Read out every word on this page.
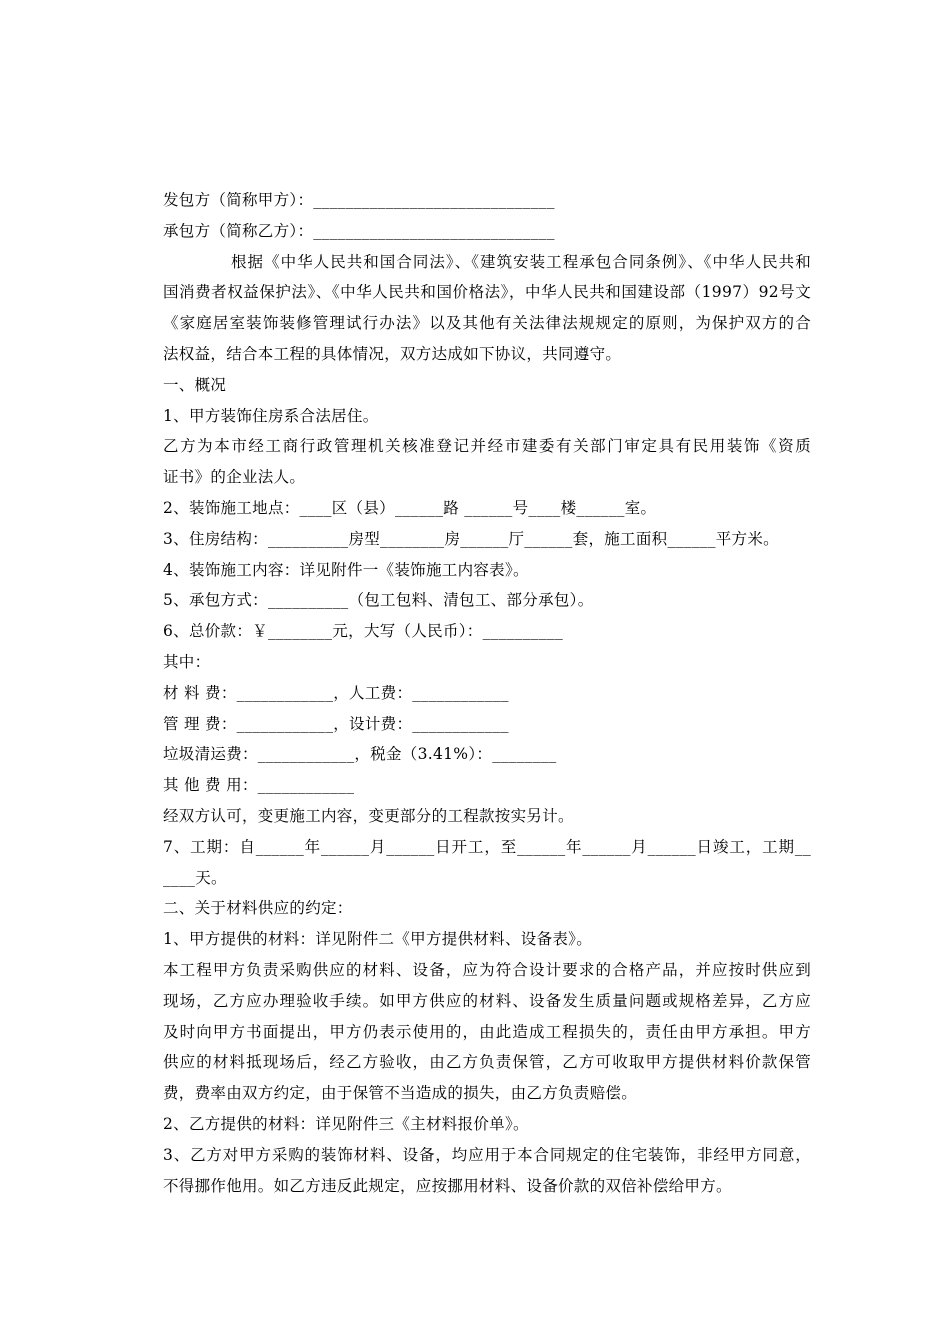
发包方（简称甲方）：______________________________
承包方（简称乙方）：______________________________
根据《中华人民共和国合同法》、《建筑安装工程承包合同条例》、《中华人民共和
国消费者权益保护法》、《中华人民共和国价格法》，中华人民共和国建设部（1997）92号文
《家庭居室装饰装修管理试行办法》以及其他有关法律法规规定的原则，为保护双方的合
法权益，结合本工程的具体情况，双方达成如下协议，共同遵守。
一、概况
1、甲方装饰住房系合法居住。
乙方为本市经工商行政管理机关核准登记并经市建委有关部门审定具有民用装饰《资质
证书》的企业法人。
2、装饰施工地点：____区（县）______路 ______号____楼______室。
3、住房结构：__________房型________房______厅______套，施工面积______平方米。
4、装饰施工内容：详见附件一《装饰施工内容表》。
5、承包方式：__________（包工包料、清包工、部分承包）。
6、总价款：￥________元，大写（人民币）：__________
其中：
材 料 费：____________，人工费：____________
管 理 费：____________，设计费：____________
垃圾清运费：____________，税金（3.41%）：________
其 他 费 用：____________
经双方认可，变更施工内容，变更部分的工程款按实另计。
7、工期：自______年______月______日开工，至______年______月______日竣工，工期__
____天。
二、关于材料供应的约定：
1、甲方提供的材料：详见附件二《甲方提供材料、设备表》。
本工程甲方负责采购供应的材料、设备，应为符合设计要求的合格产品，并应按时供应到
现场，乙方应办理验收手续。如甲方供应的材料、设备发生质量问题或规格差异，乙方应
及时向甲方书面提出，甲方仍表示使用的，由此造成工程损失的，责任由甲方承担。甲方
供应的材料抵现场后，经乙方验收，由乙方负责保管，乙方可收取甲方提供材料价款保管
费，费率由双方约定，由于保管不当造成的损失，由乙方负责赔偿。
2、乙方提供的材料：详见附件三《主材料报价单》。
3、乙方对甲方采购的装饰材料、设备，均应用于本合同规定的住宅装饰，非经甲方同意，
不得挪作他用。如乙方违反此规定，应按挪用材料、设备价款的双倍补偿给甲方。
